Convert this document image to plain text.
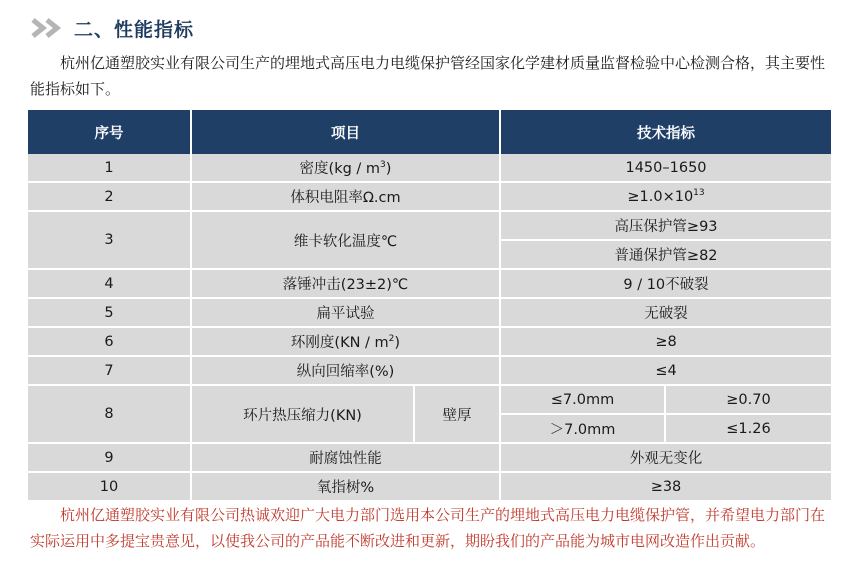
二、性能指标
杭州亿通塑胶实业有限公司生产的埋地式高压电力电缆保护管经国家化学建材质量监督检验中心检测合格，其主要性能指标如下。
序号	项目		技术指标	
1	密度$(kg / m^3)$		1450–1650	
2	体积电阻率Ω.cm		$\ge 1.0\times 10^{13}$
3	维卡软化温度℃		高压保护管≥93	
			普通保护管≥82	
4	落锤冲击(23±2)℃		9 / 10不破裂	
5	扁平试验		无破裂	
6	环刚度$(KN / m^2)$		≥8	
7	纵向回缩率(%)		≤4	
8	环片热压缩力(KN)	壁厚	≤7.0mm	≥0.70
			＞7.0mm	≤1.26
9	耐腐蚀性能		外观无变化	
10	氧指树%		≥38	
杭州亿通塑胶实业有限公司热诚欢迎广大电力部门选用本公司生产的埋地式高压电力电缆保护管，并希望电力部门在实际运用中多提宝贵意见，以使我公司的产品能不断改进和更新，期盼我们的产品能为城市电网改造作出贡献。
